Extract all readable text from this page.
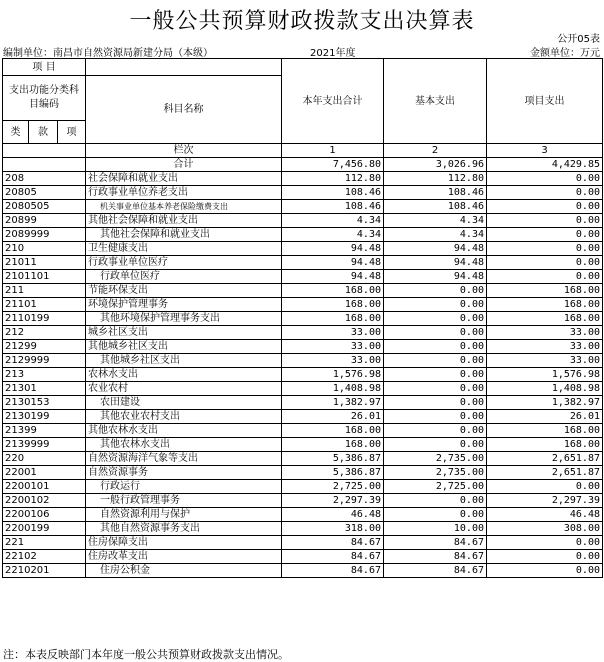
一般公共预算财政拨款支出决算表
公开05表
编制单位：南昌市自然资源局新建分局（本级）	2021年度	金额单位：万元
项 目				本年支出合计	基本支出	项目支出
支出功能分类科目编码			科目名称			

类	款	项				
			栏次	1	2	3
			合计	7,456.80	3,026.96	4,429.85
208			社会保障和就业支出	112.80	112.80	0.00
20805			行政事业单位养老支出	108.46	108.46	0.00
2080505			机关事业单位基本养老保险缴费支出	108.46	108.46	0.00
20899			其他社会保障和就业支出	4.34	4.34	0.00
2089999			其他社会保障和就业支出	4.34	4.34	0.00
210			卫生健康支出	94.48	94.48	0.00
21011			行政事业单位医疗	94.48	94.48	0.00
2101101			行政单位医疗	94.48	94.48	0.00
211			节能环保支出	168.00	0.00	168.00
21101			环境保护管理事务	168.00	0.00	168.00
2110199			其他环境保护管理事务支出	168.00	0.00	168.00
212			城乡社区支出	33.00	0.00	33.00
21299			其他城乡社区支出	33.00	0.00	33.00
2129999			其他城乡社区支出	33.00	0.00	33.00
213			农林水支出	1,576.98	0.00	1,576.98
21301			农业农村	1,408.98	0.00	1,408.98
2130153			农田建设	1,382.97	0.00	1,382.97
2130199			其他农业农村支出	26.01	0.00	26.01
21399			其他农林水支出	168.00	0.00	168.00
2139999			其他农林水支出	168.00	0.00	168.00
220			自然资源海洋气象等支出	5,386.87	2,735.00	2,651.87
22001			自然资源事务	5,386.87	2,735.00	2,651.87
2200101			行政运行	2,725.00	2,725.00	0.00
2200102			一般行政管理事务	2,297.39	0.00	2,297.39
2200106			自然资源利用与保护	46.48	0.00	46.48
2200199			其他自然资源事务支出	318.00	10.00	308.00
221			住房保障支出	84.67	84.67	0.00
22102			住房改革支出	84.67	84.67	0.00
2210201			住房公积金	84.67	84.67	0.00
注：本表反映部门本年度一般公共预算财政拨款支出情况。
